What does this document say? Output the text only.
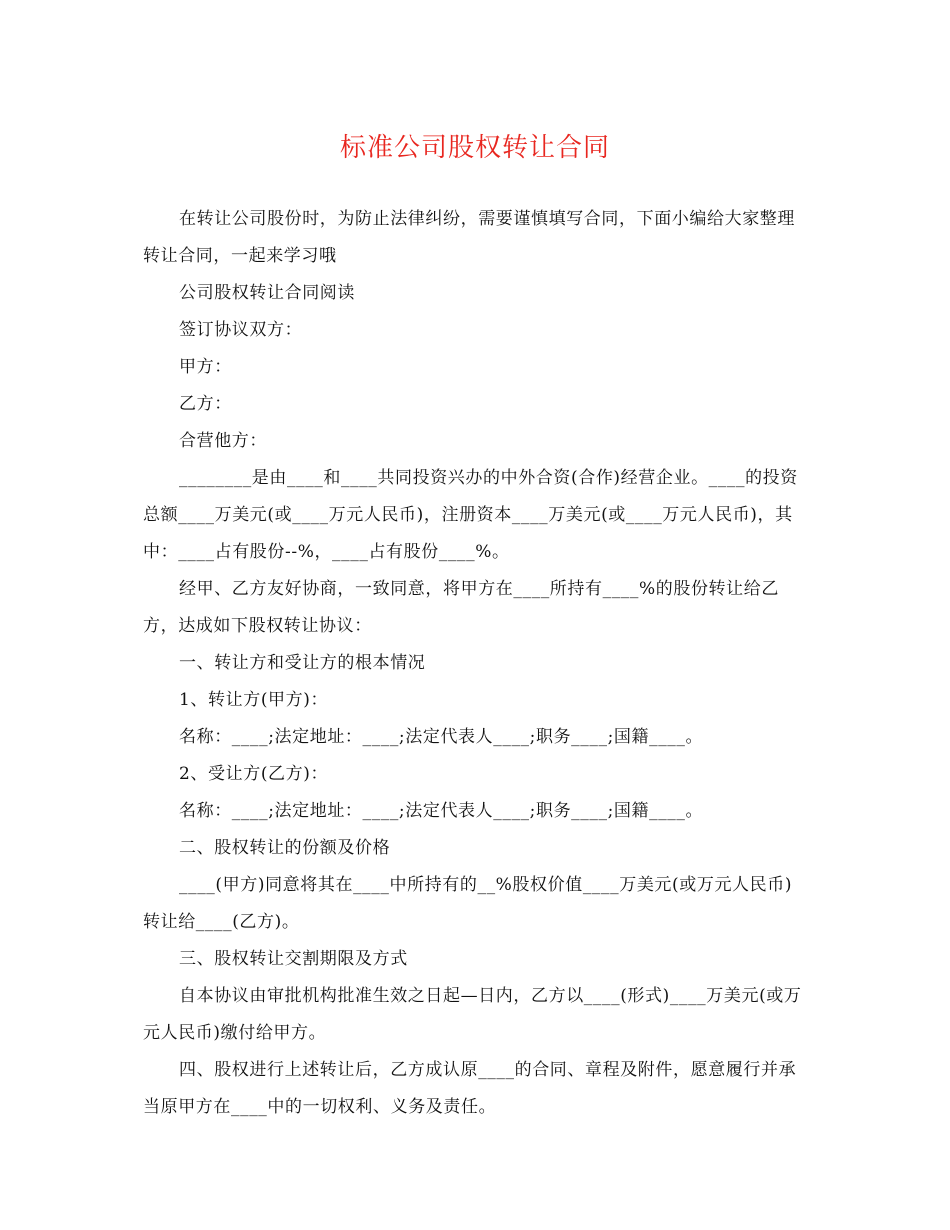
标准公司股权转让合同

在转让公司股份时，为防止法律纠纷，需要谨慎填写合同，下面小编给大家整理转让合同，一起来学习哦

公司股权转让合同阅读

签订协议双方：

甲方：

乙方：

合营他方：

________是由____和____共同投资兴办的中外合资(合作)经营企业。____的投资总额____万美元(或____万元人民币)，注册资本____万美元(或____万元人民币)，其中：____占有股份--%，____占有股份____%。

经甲、乙方友好协商，一致同意，将甲方在____所持有____%的股份转让给乙方，达成如下股权转让协议：

一、转让方和受让方的根本情况

1、转让方(甲方)：

名称：____;法定地址：____;法定代表人____;职务____;国籍____。

2、受让方(乙方)：

名称：____;法定地址：____;法定代表人____;职务____;国籍____。

二、股权转让的份额及价格

____(甲方)同意将其在____中所持有的__%股权价值____万美元(或万元人民币)转让给____(乙方)。

三、股权转让交割期限及方式

自本协议由审批机构批准生效之日起—日内，乙方以____(形式)____万美元(或万元人民币)缴付给甲方。

四、股权进行上述转让后，乙方成认原____的合同、章程及附件，愿意履行并承当原甲方在____中的一切权利、义务及责任。
